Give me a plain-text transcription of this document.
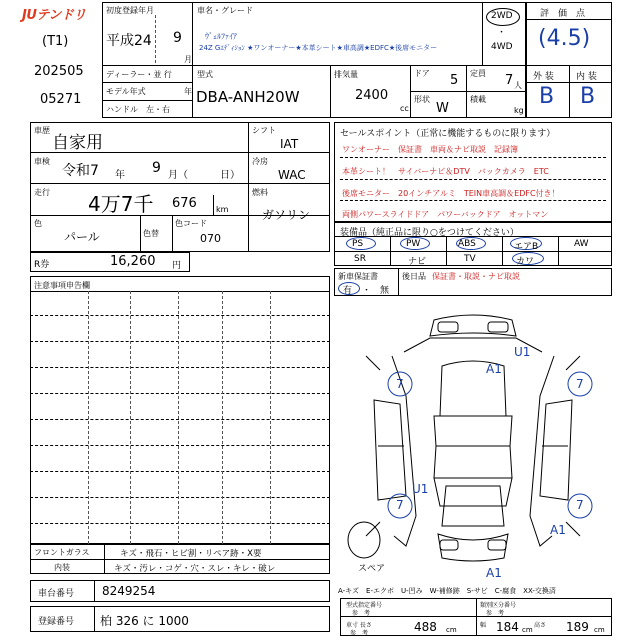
JUテンドリ
(T1)
202505
05271
初度登録年月
平成24 9
月
ディーラー・並 行
モデル年式	年
ハンドル　左・右
車名・グレード
ｳﾞｪﾙﾌｧｲｱ
24Z Gｴﾃﾞｨｼｮﾝ ★ワンオーナー★本革シート★車高調★EDFC★後席モニター
2WD
・
4WD
型式
DBA-ANH20W
排気量
2400
cc
ドア 5 定員 7 人
形状
W
積載
kg
評　価　点
(4.5)
外 装 内 装
B B
車歴
自家用
車検
令和7 年 9 月（	日）
走行 4万7千 676 km
色
パール	色替
色コード
070
シフト
IAT
冷房
WAC
燃料
ガソリン
R券	16,260 円
セールスポイント（正常に機能するものに限ります）
ワンオーナー　保証書　車両＆ナビ取説　記録簿
本革シート！　サイバーナビ＆DTV　バックカメラ　ETC
後席モニター　20インチアルミ　TEIN車高調＆EDFC付き！
両側パワースライドドア　パワーバックドア　オットマン
装備品（純正品に限り○をつけてください）
PS	PW	ABS	エアB	AW
SR	ナビ	TV	カワ
新車保証書
有 ・ 無
後日品 保証書・取説・ナビ取説
注意事項申告欄
U1
A1
7	7
7
U1
7
A1
A1
スペア
A-キズ　E-エクボ　U-凹み　W-補修跡　S-サビ　C-腐食　XX-交換済
フロントガラス	キズ・飛石・ヒビ割・リペア跡・X要
内装	キズ・汚レ・コゲ・穴・スレ・キレ・破レ
車台番号 8249254
登録番号 柏 326 に 1000
型式指定番号
参　考
類別区分番号
参　考
車寸 長さ
参　考	488 cm
幅 184 cm
高さ 189 cm
